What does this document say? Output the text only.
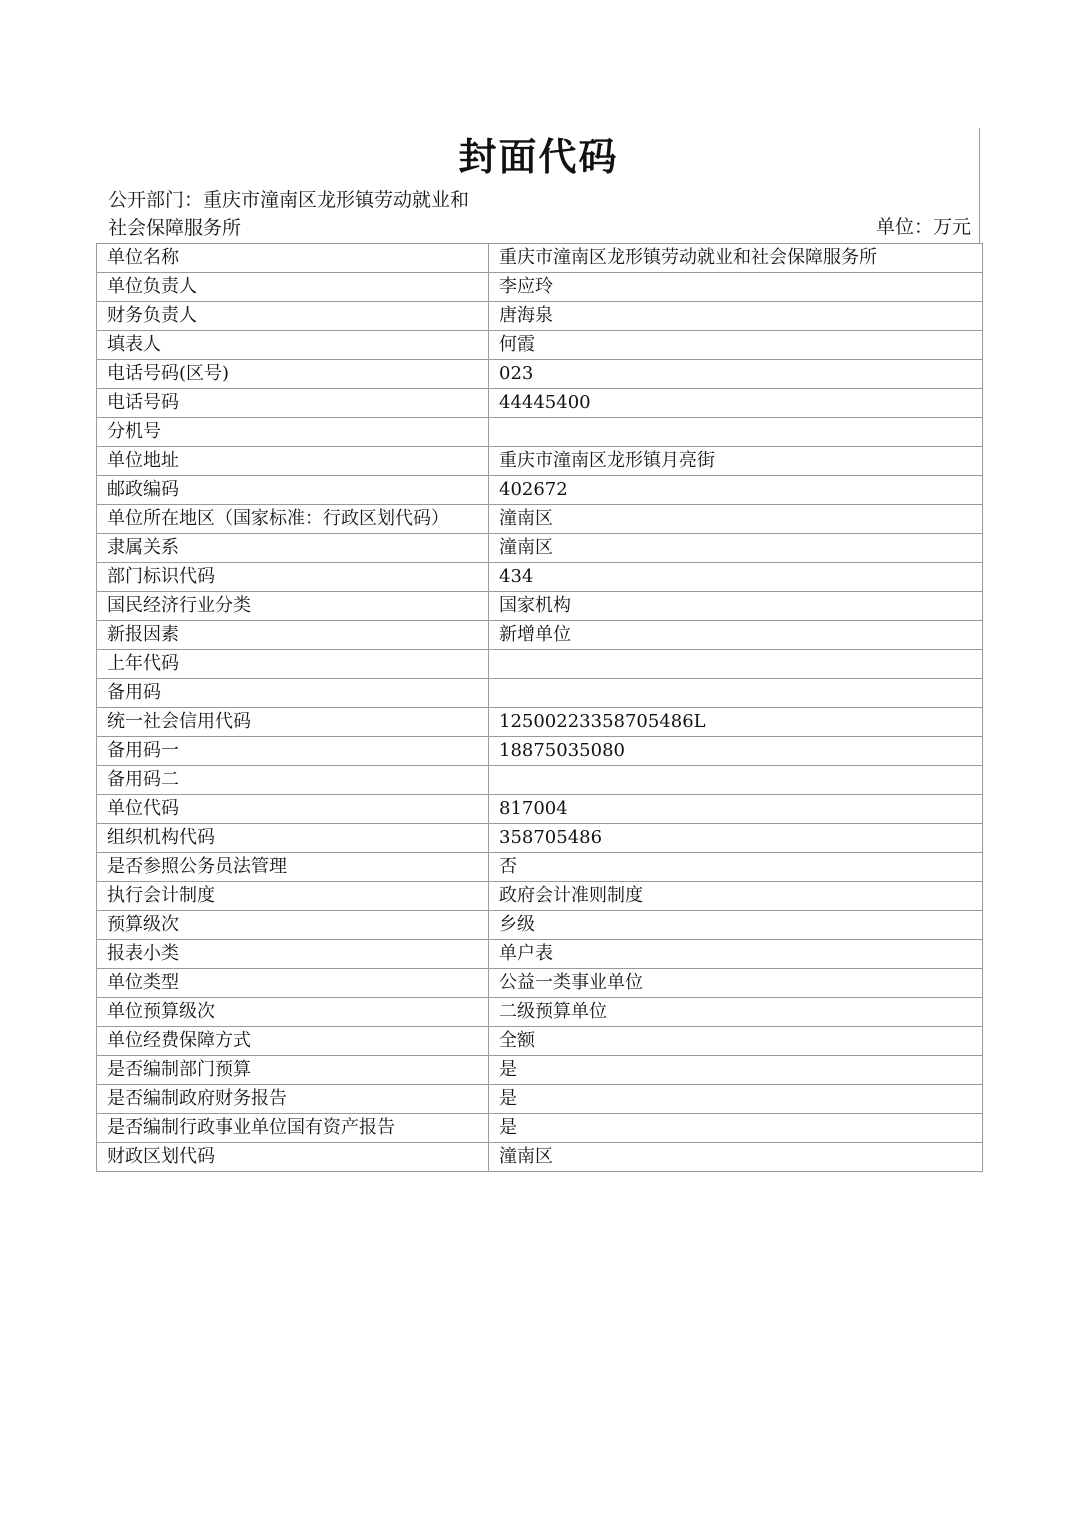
封面代码
公开部门：重庆市潼南区龙形镇劳动就业和社会保障服务所	单位：万元
单位名称	重庆市潼南区龙形镇劳动就业和社会保障服务所
单位负责人	李应玲
财务负责人	唐海泉
填表人	何霞
电话号码(区号)	023
电话号码	44445400
分机号	
单位地址	重庆市潼南区龙形镇月亮街
邮政编码	402672
单位所在地区（国家标准：行政区划代码）	潼南区
隶属关系	潼南区
部门标识代码	434
国民经济行业分类	国家机构
新报因素	新增单位
上年代码	
备用码	
统一社会信用代码	12500223358705486L
备用码一	18875035080
备用码二	
单位代码	817004
组织机构代码	358705486
是否参照公务员法管理	否
执行会计制度	政府会计准则制度
预算级次	乡级
报表小类	单户表
单位类型	公益一类事业单位
单位预算级次	二级预算单位
单位经费保障方式	全额
是否编制部门预算	是
是否编制政府财务报告	是
是否编制行政事业单位国有资产报告	是
财政区划代码	潼南区
